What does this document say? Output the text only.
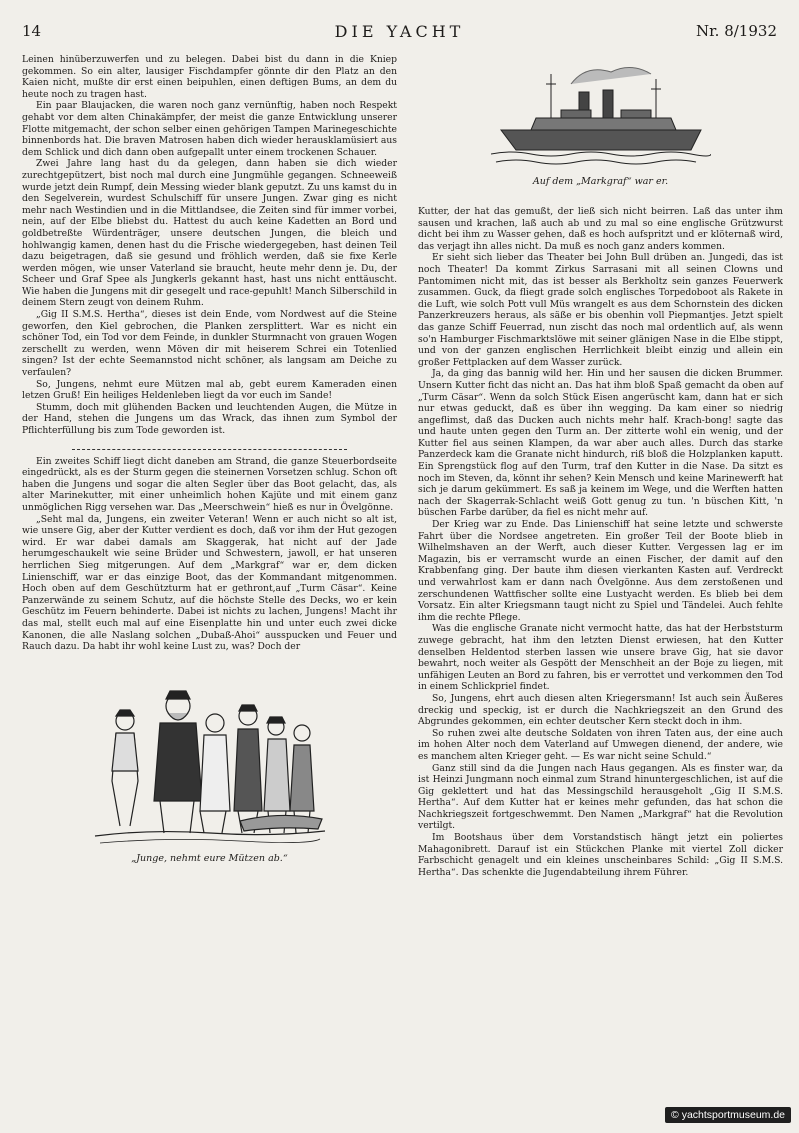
14	DIE YACHT	Nr. 8/1932

Leinen hinüberzuwerfen und zu belegen. Dabei bist du dann in die Kniep gekommen. So ein alter, lausiger Fischdampfer gönnte dir den Platz an den Kaien nicht, mußte dir erst einen beipuhlen, einen deftigen Bums, an dem du heute noch zu tragen hast.

Ein paar Blaujacken, die waren noch ganz vernünftig, haben noch Respekt gehabt vor dem alten Chinakämpfer, der meist die ganze Entwicklung unserer Flotte mitgemacht, der schon selber einen gehörigen Tampen Marinegeschichte binnenbords hat. Die braven Matrosen haben dich wieder herausklamüsiert aus dem Schlick und dich dann oben aufgepallt unter einem trockenen Schauer.

Zwei Jahre lang hast du da gelegen, dann haben sie dich wieder zurechtgepützert, bist noch mal durch eine Jungmühle gegangen. Schneeweiß wurde jetzt dein Rumpf, dein Messing wieder blank geputzt. Zu uns kamst du in den Segelverein, wurdest Schulschiff für unsere Jungen. Zwar ging es nicht mehr nach Westindien und in die Mittlandsee, die Zeiten sind für immer vorbei, nein, auf der Elbe bliebst du. Hattest du auch keine Kadetten an Bord und goldbetreßte Würdenträger, unsere deutschen Jungen, die bleich und hohlwangig kamen, denen hast du die Frische wiedergegeben, hast deinen Teil dazu beigetragen, daß sie gesund und fröhlich werden, daß sie fixe Kerle werden mögen, wie unser Vaterland sie braucht, heute mehr denn je. Du, der Scheer und Graf Spee als Jungkerls gekannt hast, hast uns nicht enttäuscht. Wie haben die Jungens mit dir gesegelt und race-gepuhlt! Manch Silberschild in deinem Stern zeugt von deinem Ruhm.

„Gig II S.M.S. Hertha“, dieses ist dein Ende, vom Nordwest auf die Steine geworfen, den Kiel gebrochen, die Planken zersplittert. War es nicht ein schöner Tod, ein Tod vor dem Feinde, in dunkler Sturmnacht von grauen Wogen zerschellt zu werden, wenn Möven dir mit heiserem Schrei ein Totenlied singen? Ist der echte Seemannstod nicht schöner, als langsam am Deiche zu verfaulen?

So, Jungens, nehmt eure Mützen mal ab, gebt eurem Kameraden einen letzen Gruß! Ein heiliges Heldenleben liegt da vor euch im Sande!

Stumm, doch mit glühenden Backen und leuchtenden Augen, die Mütze in der Hand, stehen die Jungens um das Wrack, das ihnen zum Symbol der Pflichterfüllung bis zum Tode geworden ist.

Ein zweites Schiff liegt dicht daneben am Strand, die ganze Steuerbordseite eingedrückt, als es der Sturm gegen die steinernen Vorsetzen schlug. Schon oft haben die Jungens und sogar die alten Segler über das Boot gelacht, das, als alter Marinekutter, mit einer unheimlich hohen Kajüte und mit einem ganz unmöglichen Rigg versehen war. Das „Meerschwein“ hieß es nur in Övelgönne.

„Seht mal da, Jungens, ein zweiter Veteran! Wenn er auch nicht so alt ist, wie unsere Gig, aber der Kutter verdient es doch, daß vor ihm der Hut gezogen wird. Er war dabei damals am Skaggerak, hat nicht auf der Jade herumgeschaukelt wie seine Brüder und Schwestern, jawoll, er hat unseren herrlichen Sieg mitgerungen. Auf dem „Markgraf“ war er, dem dicken Linienschiff, war er das einzige Boot, das der Kommandant mitgenommen. Hoch oben auf dem Geschützturm hat er gethront,auf „Turm Cäsar“. Keine Panzerwände zu seinem Schutz, auf die höchste Stelle des Decks, wo er kein Geschütz im Feuern behinderte. Dabei ist nichts zu lachen, Jungens! Macht ihr das mal, stellt euch mal auf eine Eisenplatte hin und unter euch zwei dicke Kanonen, die alle Naslang solchen „Dubaß-Ahoi“ ausspucken und Feuer und Rauch dazu. Da habt ihr wohl keine Lust zu, was? Doch der

„Junge, nehmt eure Mützen ab.“
Auf dem „Markgraf“ war er.

Kutter, der hat das gemußt, der ließ sich nicht beirren. Laß das unter ihm sausen und krachen, laß auch ab und zu mal so eine englische Grützwurst dicht bei ihm zu Wasser gehen, daß es hoch aufspritzt und er klöternaß wird, das verjagt ihn alles nicht. Da muß es noch ganz anders kommen.

Er sieht sich lieber das Theater bei John Bull drüben an. Jungedi, das ist noch Theater! Da kommt Zirkus Sarrasani mit all seinen Clowns und Pantomimen nicht mit, das ist besser als Berkholtz sein ganzes Feuerwerk zusammen. Guck, da fliegt grade solch englisches Torpedoboot als Rakete in die Luft, wie solch Pott vull Müs wrangelt es aus dem Schornstein des dicken Panzerkreuzers heraus, als säße er bis obenhin voll Piepmantjes. Jetzt spielt das ganze Schiff Feuerrad, nun zischt das noch mal ordentlich auf, als wenn so'n Hamburger Fischmarktslöwe mit seiner glänigen Nase in die Elbe stippt, und von der ganzen englischen Herrlichkeit bleibt einzig und allein ein großer Fettplacken auf dem Wasser zurück.

Ja, da ging das bannig wild her. Hin und her sausen die dicken Brummer. Unsern Kutter ficht das nicht an. Das hat ihm bloß Spaß gemacht da oben auf „Turm Cäsar“. Wenn da solch Stück Eisen angerüscht kam, dann hat er sich nur etwas geduckt, daß es über ihn wegging. Da kam einer so niedrig angeflimst, daß das Ducken auch nichts mehr half. Krach-bong! sagte das und haute unten gegen den Turm an. Der zitterte wohl ein wenig, und der Kutter fiel aus seinen Klampen, da war aber auch alles. Durch das starke Panzerdeck kam die Granate nicht hindurch, riß bloß die Holzplanken kaputt. Ein Sprengstück flog auf den Turm, traf den Kutter in die Nase. Da sitzt es noch im Steven, da, könnt ihr sehen? Kein Mensch und keine Marinewerft hat sich je darum gekümmert. Es saß ja keinem im Wege, und die Werften hatten nach der Skagerrak-Schlacht weiß Gott genug zu tun. 'n büschen Kitt, 'n büschen Farbe darüber, da fiel es nicht mehr auf.

Der Krieg war zu Ende. Das Linienschiff hat seine letzte und schwerste Fahrt über die Nordsee angetreten. Ein großer Teil der Boote blieb in Wilhelmshaven an der Werft, auch dieser Kutter. Vergessen lag er im Magazin, bis er verramscht wurde an einen Fischer, der damit auf den Krabbenfang ging. Der baute ihm diesen vierkanten Kasten auf. Verdreckt und verwahrlost kam er dann nach Övelgönne. Aus dem zerstoßenen und zerschundenen Wattfischer sollte eine Lustyacht werden. Es blieb bei dem Vorsatz. Ein alter Kriegsmann taugt nicht zu Spiel und Tändelei. Auch fehlte ihm die rechte Pflege.

Was die englische Granate nicht vermocht hatte, das hat der Herbststurm zuwege gebracht, hat ihm den letzten Dienst erwiesen, hat den Kutter denselben Heldentod sterben lassen wie unsere brave Gig, hat sie davor bewahrt, noch weiter als Gespött der Menschheit an der Boje zu liegen, mit unfähigen Leuten an Bord zu fahren, bis er verrottet und verkommen den Tod in einem Schlickpriel findet.

So, Jungens, ehrt auch diesen alten Kriegersmann! Ist auch sein Äußeres dreckig und speckig, ist er durch die Nachkriegszeit an den Grund des Abgrundes gekommen, ein echter deutscher Kern steckt doch in ihm.

So ruhen zwei alte deutsche Soldaten von ihren Taten aus, der eine auch im hohen Alter noch dem Vaterland auf Umwegen dienend, der andere, wie es manchem alten Krieger geht. — Es war nicht seine Schuld.“

Ganz still sind da die Jungen nach Haus gegangen. Als es finster war, da ist Heinzi Jungmann noch einmal zum Strand hinuntergeschlichen, ist auf die Gig geklettert und hat das Messingschild herausgeholt „Gig II S.M.S. Hertha“. Auf dem Kutter hat er keines mehr gefunden, das hat schon die Nachkriegszeit fortgeschwemmt. Den Namen „Markgraf“ hat die Revolution vertilgt.

Im Bootshaus über dem Vorstandstisch hängt jetzt ein poliertes Mahagonibrett. Darauf ist ein Stückchen Planke mit viertel Zoll dicker Farbschicht genagelt und ein kleines unscheinbares Schild: „Gig II S.M.S. Hertha“. Das schenkte die Jugendabteilung ihrem Führer.

© yachtsportmuseum.de
